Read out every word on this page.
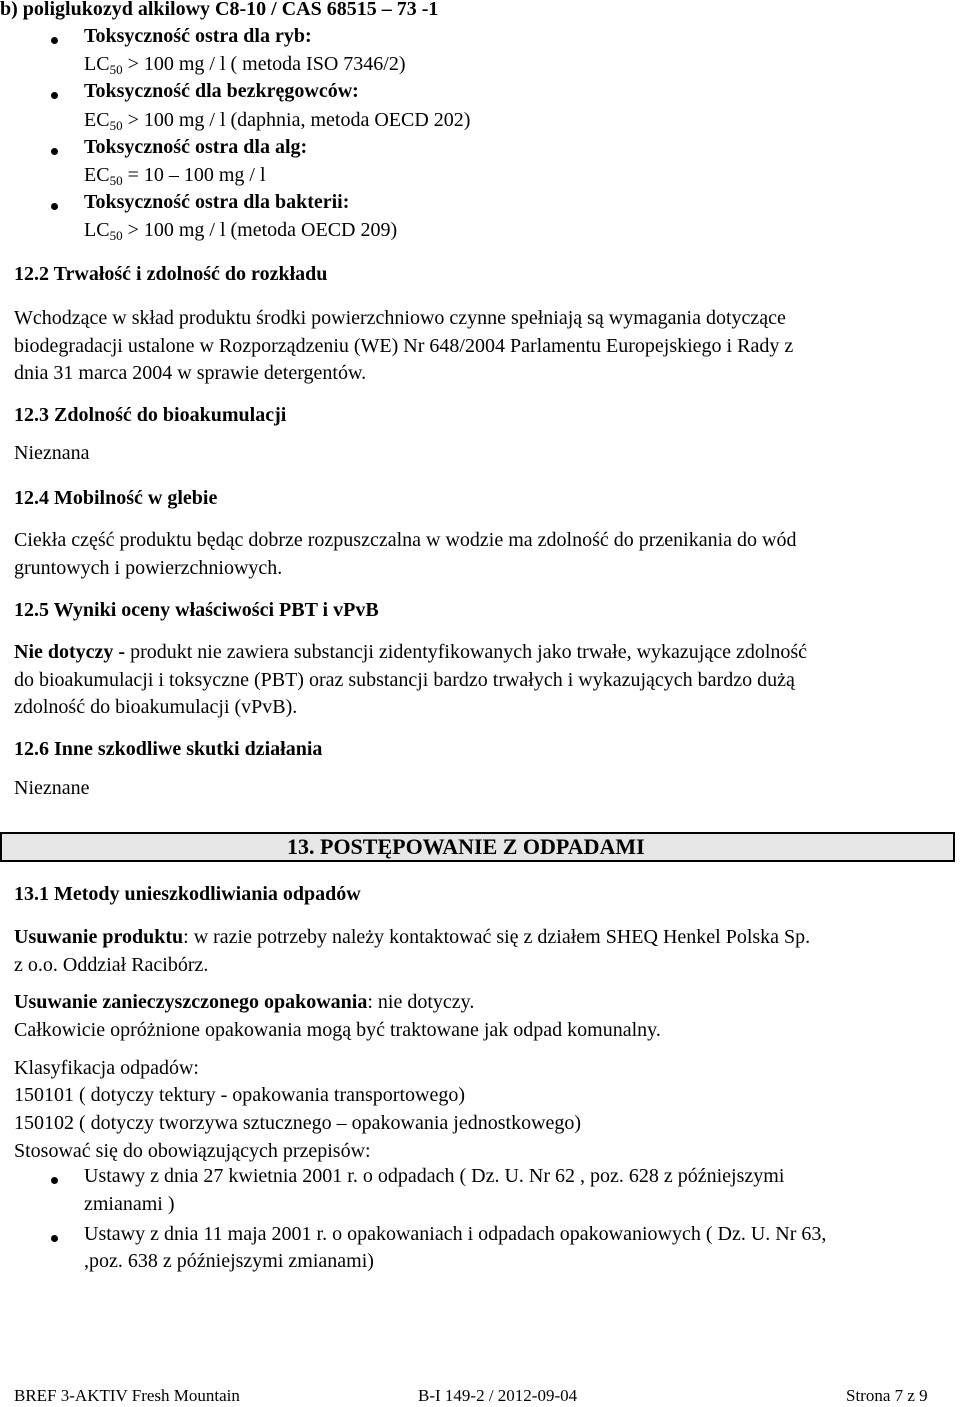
b) poliglukozyd alkilowy C8-10 / CAS 68515 – 73 -1
Toksyczność ostra dla ryb:
$LC_{50} > 100$ mg / l ( metoda ISO 7346/2)
Toksyczność dla bezkręgowców:
$EC_{50} > 100$ mg / l (daphnia, metoda OECD 202)
Toksyczność ostra dla alg:
$EC_{50} = 10 - 100$ mg / l
Toksyczność ostra dla bakterii:
$LC_{50} > 100$ mg / l (metoda OECD 209)
12.2 Trwałość i zdolność do rozkładu
Wchodzące w skład produktu środki powierzchniowo czynne spełniają są wymagania dotyczące
biodegradacji ustalone w Rozporządzeniu (WE) Nr 648/2004 Parlamentu Europejskiego i Rady z
dnia 31 marca 2004 w sprawie detergentów.
12.3 Zdolność do bioakumulacji
Nieznana
12.4 Mobilność w glebie
Ciekła część produktu będąc dobrze rozpuszczalna w wodzie ma zdolność do przenikania do wód
gruntowych i powierzchniowych.
12.5 Wyniki oceny właściwości PBT i vPvB
Nie dotyczy - produkt nie zawiera substancji zidentyfikowanych jako trwałe, wykazujące zdolność
do bioakumulacji i toksyczne (PBT) oraz substancji bardzo trwałych i wykazujących bardzo dużą
zdolność do bioakumulacji (vPvB).
12.6 Inne szkodliwe skutki działania
Nieznane
13. POSTĘPOWANIE Z ODPADAMI
13.1 Metody unieszkodliwiania odpadów
Usuwanie produktu: w razie potrzeby należy kontaktować się z działem SHEQ Henkel Polska Sp.
z o.o. Oddział Racibórz.
Usuwanie zanieczyszczonego opakowania: nie dotyczy.
Całkowicie opróżnione opakowania mogą być traktowane jak odpad komunalny.
Klasyfikacja odpadów:
150101 ( dotyczy tektury - opakowania transportowego)
150102 ( dotyczy tworzywa sztucznego – opakowania jednostkowego)
Stosować się do obowiązujących przepisów:
Ustawy z dnia 27 kwietnia 2001 r. o odpadach ( Dz. U. Nr 62 , poz. 628 z późniejszymi
zmianami )
Ustawy z dnia 11 maja 2001 r. o opakowaniach i odpadach opakowaniowych ( Dz. U. Nr 63,
,poz. 638 z późniejszymi zmianami)
BREF 3-AKTIV Fresh Mountain	B-I 149-2 / 2012-09-04	Strona 7 z 9
